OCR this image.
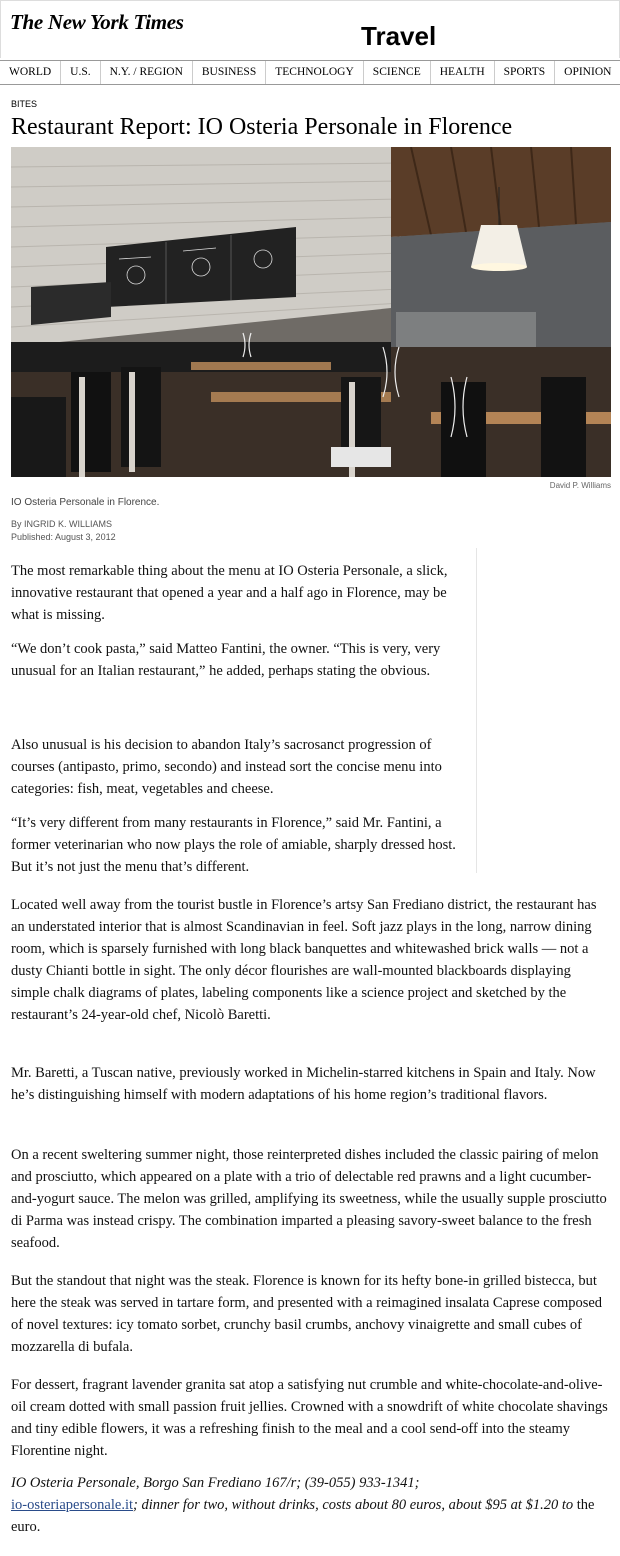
The New York Times	Travel
WORLD	U.S.	N.Y. / REGION	BUSINESS	TECHNOLOGY	SCIENCE	HEALTH	SPORTS	OPINION
BITES
Restaurant Report: IO Osteria Personale in Florence
David P. Williams
IO Osteria Personale in Florence.
By INGRID K. WILLIAMS
Published: August 3, 2012

The most remarkable thing about the menu at IO Osteria Personale, a slick, innovative restaurant that opened a year and a half ago in Florence, may be what is missing.

“We don’t cook pasta,” said Matteo Fantini, the owner. “This is very, very unusual for an Italian restaurant,” he added, perhaps stating the obvious.

Also unusual is his decision to abandon Italy’s sacrosanct progression of courses (antipasto, primo, secondo) and instead sort the concise menu into categories: fish, meat, vegetables and cheese.

“It’s very different from many restaurants in Florence,” said Mr. Fantini, a former veterinarian who now plays the role of amiable, sharply dressed host. But it’s not just the menu that’s different.

Located well away from the tourist bustle in Florence’s artsy San Frediano district, the restaurant has an understated interior that is almost Scandinavian in feel. Soft jazz plays in the long, narrow dining room, which is sparsely furnished with long black banquettes and whitewashed brick walls — not a dusty Chianti bottle in sight. The only décor flourishes are wall-mounted blackboards displaying simple chalk diagrams of plates, labeling components like a science project and sketched by the restaurant’s 24-year-old chef, Nicolò Baretti.

Mr. Baretti, a Tuscan native, previously worked in Michelin-starred kitchens in Spain and Italy. Now he’s distinguishing himself with modern adaptations of his home region’s traditional flavors.

On a recent sweltering summer night, those reinterpreted dishes included the classic pairing of melon and prosciutto, which appeared on a plate with a trio of delectable red prawns and a light cucumber-and-yogurt sauce. The melon was grilled, amplifying its sweetness, while the usually supple prosciutto di Parma was instead crispy. The combination imparted a pleasing savory-sweet balance to the fresh seafood.

But the standout that night was the steak. Florence is known for its hefty bone-in grilled bistecca, but here the steak was served in tartare form, and presented with a reimagined insalata Caprese composed of novel textures: icy tomato sorbet, crunchy basil crumbs, anchovy vinaigrette and small cubes of mozzarella di bufala.

For dessert, fragrant lavender granita sat atop a satisfying nut crumble and white-chocolate-and-olive-oil cream dotted with small passion fruit jellies. Crowned with a snowdrift of white chocolate shavings and tiny edible flowers, it was a refreshing finish to the meal and a cool send-off into the steamy Florentine night.

IO Osteria Personale, Borgo San Frediano 167/r; (39-055) 933-1341;
io-osteriapersonale.it; dinner for two, without drinks, costs about 80 euros, about $95 at $1.20 to the euro.
